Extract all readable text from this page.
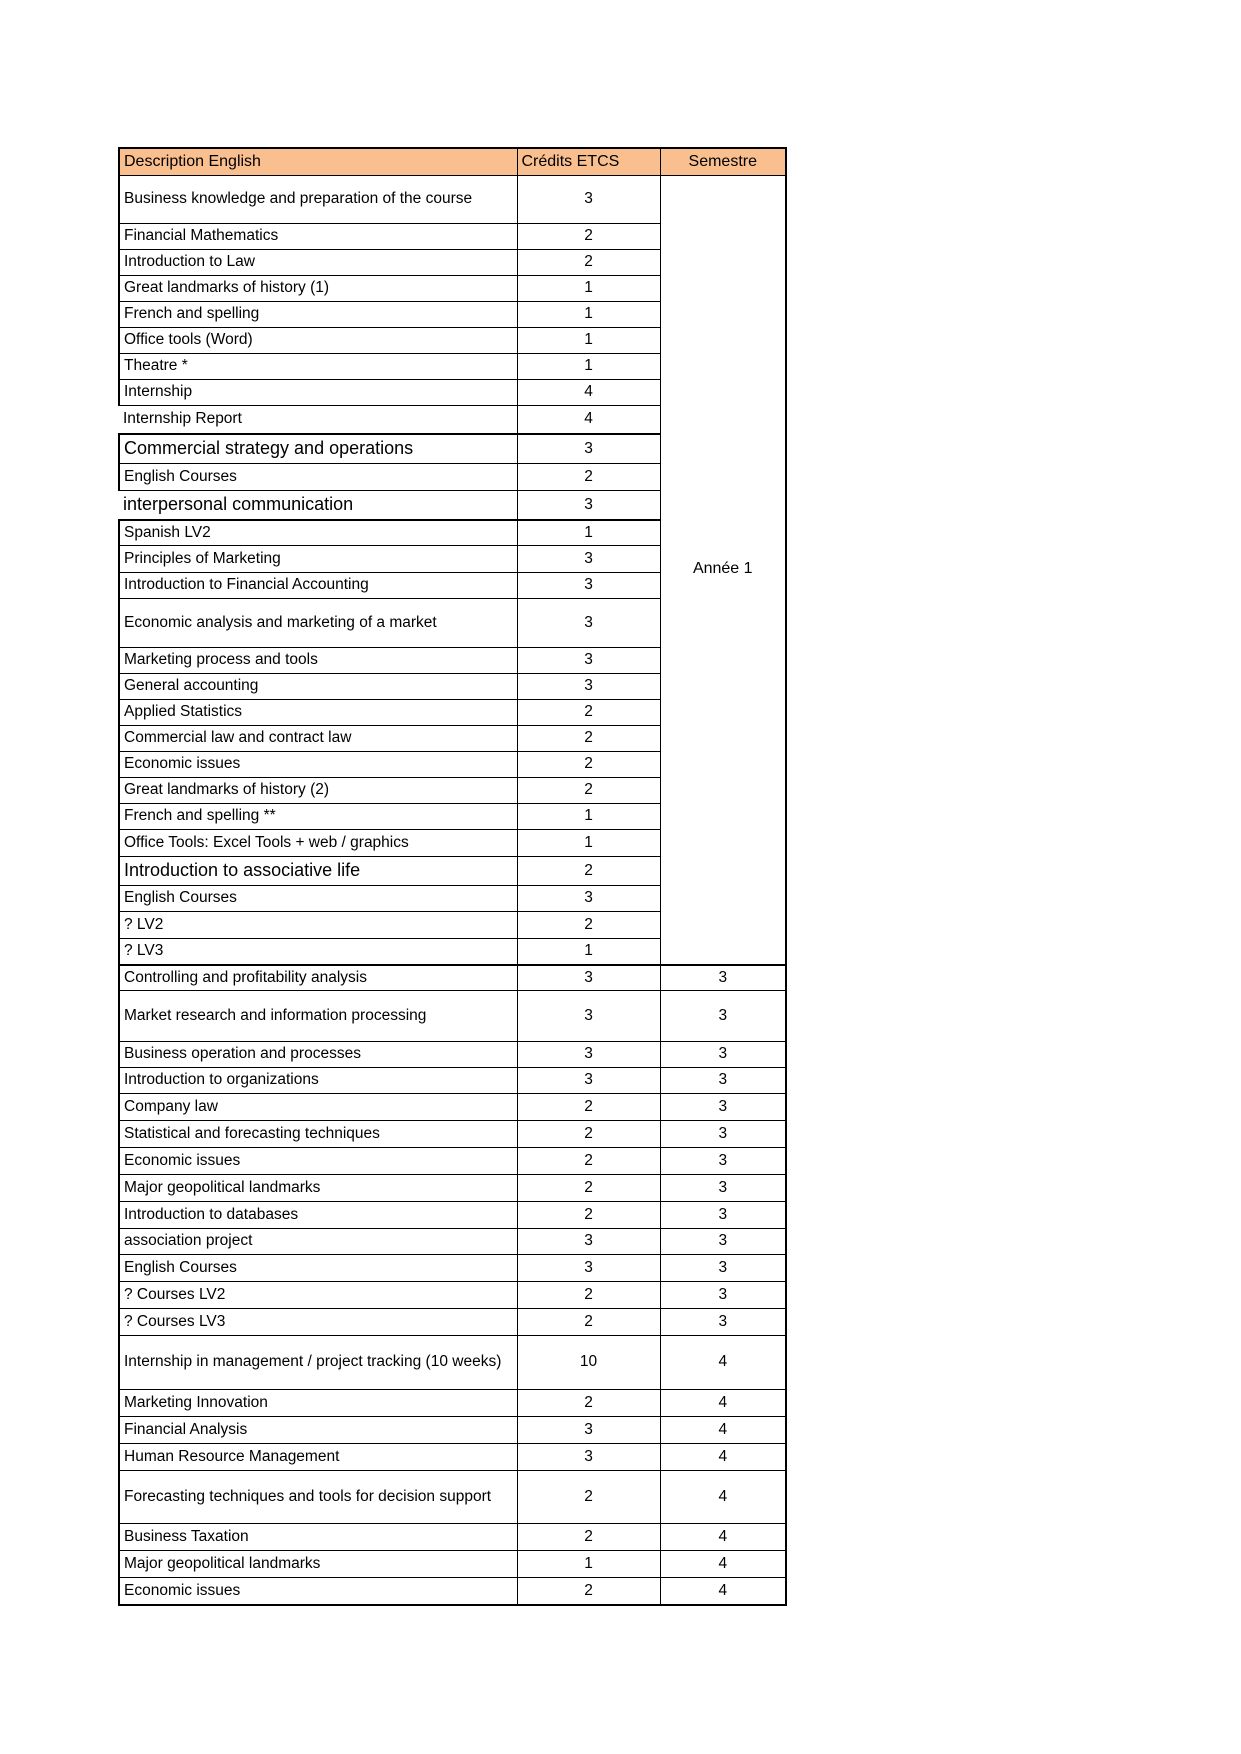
Description English	Crédits ETCS	Semestre
Business knowledge and preparation of the course	3	Année 1
Financial Mathematics	2	
Introduction to Law	2	
Great landmarks of history (1)	1	
French and spelling	1	
Office tools (Word)	1	
Theatre *	1	
Internship	4	
Internship Report	4	
Commercial strategy and operations	3	
English Courses	2	
interpersonal communication	3	
Spanish LV2	1	
Principles of Marketing	3	
Introduction to Financial Accounting	3	
Economic analysis and marketing of a market	3	
Marketing process and tools	3	
General accounting	3	
Applied Statistics	2	
Commercial law and contract law	2	
Economic issues	2	
Great landmarks of history (2)	2	
French and spelling **	1	
Office Tools: Excel Tools + web / graphics	1	
Introduction to associative life	2	
English Courses	3	
? LV2	2	
? LV3	1	
Controlling and profitability analysis	3	3
Market research and information processing	3	3
Business operation and processes	3	3
Introduction to organizations	3	3
Company law	2	3
Statistical and forecasting techniques	2	3
Economic issues	2	3
Major geopolitical landmarks	2	3
Introduction to databases	2	3
association project	3	3
English Courses	3	3
? Courses LV2	2	3
? Courses LV3	2	3
Internship in management / project tracking (10 weeks)	10	4
Marketing Innovation	2	4
Financial Analysis	3	4
Human Resource Management	3	4
Forecasting techniques and tools for decision support	2	4
Business Taxation	2	4
Major geopolitical landmarks	1	4
Economic issues	2	4
